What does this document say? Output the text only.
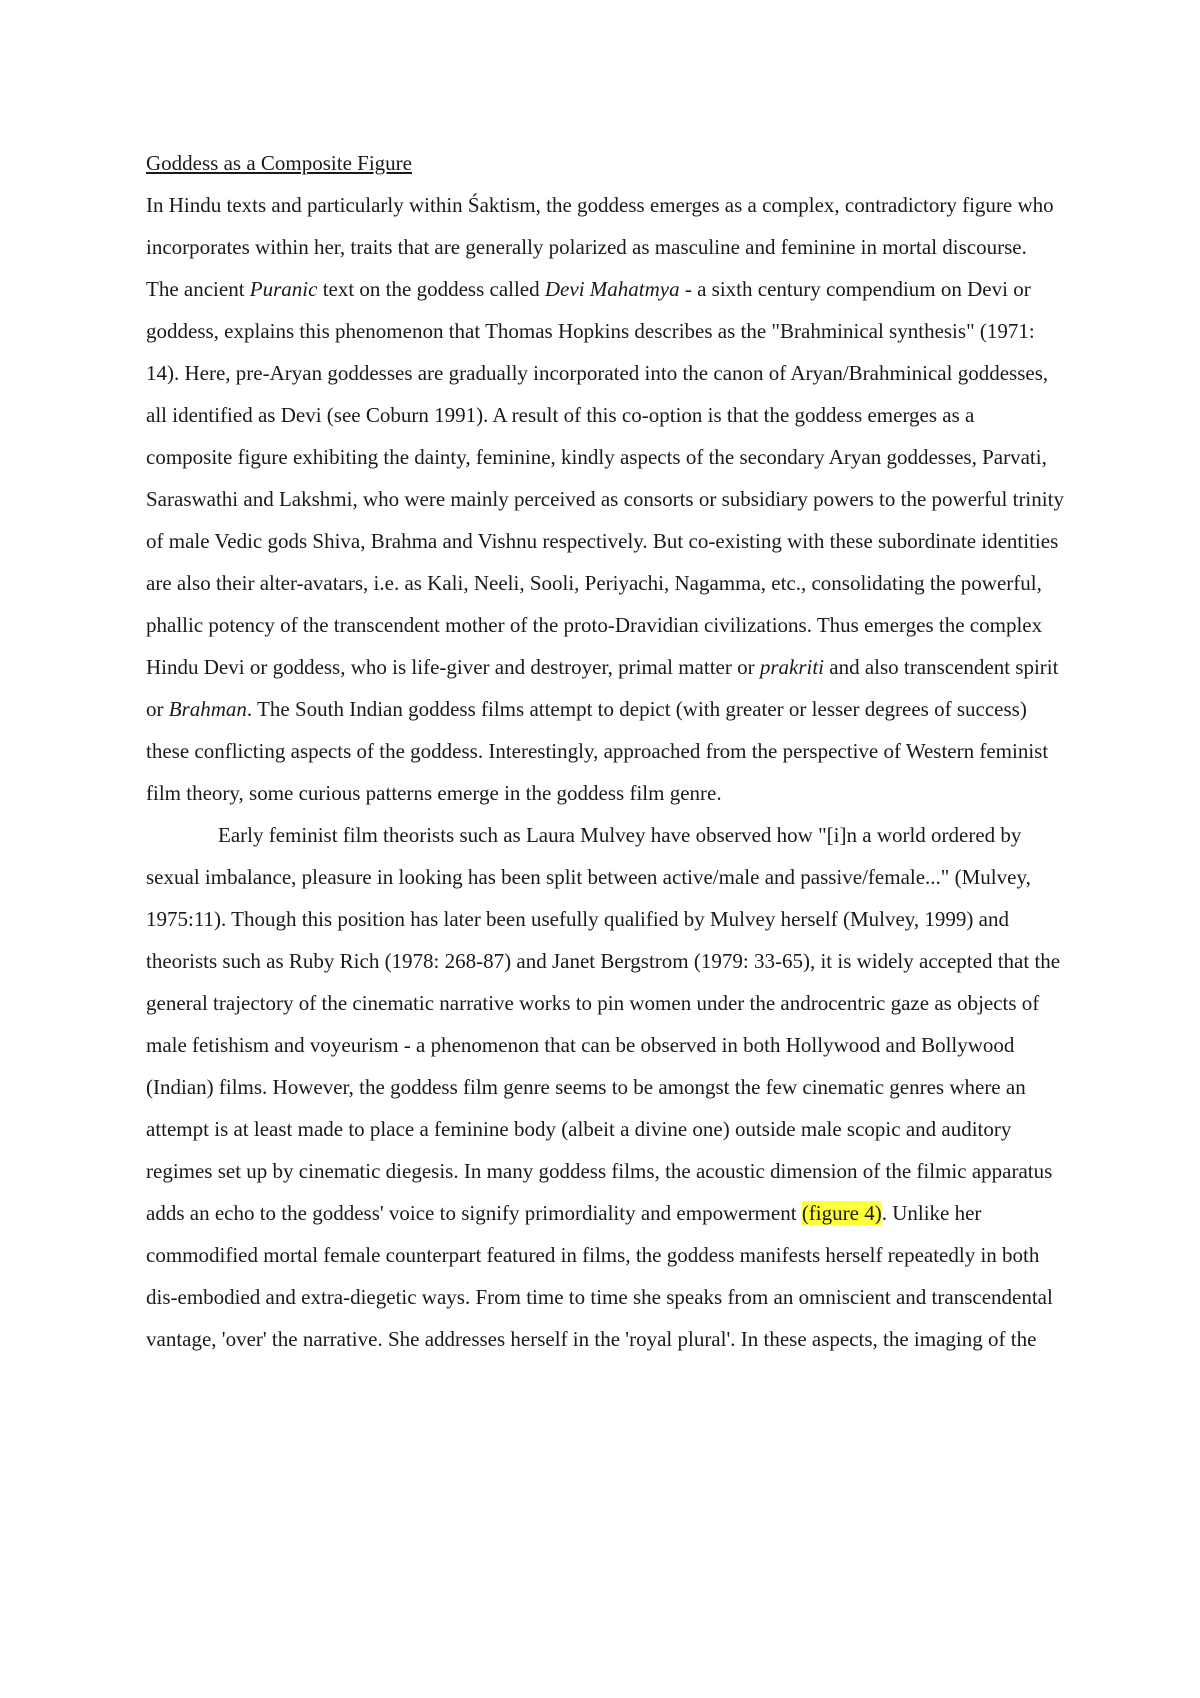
Goddess as a Composite Figure

In Hindu texts and particularly within Śaktism, the goddess emerges as a complex, contradictory figure who incorporates within her, traits that are generally polarized as masculine and feminine in mortal discourse. The ancient Puranic text on the goddess called Devi Mahatmya - a sixth century compendium on Devi or goddess, explains this phenomenon that Thomas Hopkins describes as the "Brahminical synthesis" (1971: 14). Here, pre-Aryan goddesses are gradually incorporated into the canon of Aryan/Brahminical goddesses, all identified as Devi (see Coburn 1991). A result of this co-option is that the goddess emerges as a composite figure exhibiting the dainty, feminine, kindly aspects of the secondary Aryan goddesses, Parvati, Saraswathi and Lakshmi, who were mainly perceived as consorts or subsidiary powers to the powerful trinity of male Vedic gods Shiva, Brahma and Vishnu respectively. But co-existing with these subordinate identities are also their alter-avatars, i.e. as Kali, Neeli, Sooli, Periyachi, Nagamma, etc., consolidating the powerful, phallic potency of the transcendent mother of the proto-Dravidian civilizations. Thus emerges the complex Hindu Devi or goddess, who is life-giver and destroyer, primal matter or prakriti and also transcendent spirit or Brahman. The South Indian goddess films attempt to depict (with greater or lesser degrees of success) these conflicting aspects of the goddess. Interestingly, approached from the perspective of Western feminist film theory, some curious patterns emerge in the goddess film genre.

Early feminist film theorists such as Laura Mulvey have observed how "[i]n a world ordered by sexual imbalance, pleasure in looking has been split between active/male and passive/female..." (Mulvey, 1975:11). Though this position has later been usefully qualified by Mulvey herself (Mulvey, 1999) and theorists such as Ruby Rich (1978: 268-87) and Janet Bergstrom (1979: 33-65), it is widely accepted that the general trajectory of the cinematic narrative works to pin women under the androcentric gaze as objects of male fetishism and voyeurism - a phenomenon that can be observed in both Hollywood and Bollywood (Indian) films. However, the goddess film genre seems to be amongst the few cinematic genres where an attempt is at least made to place a feminine body (albeit a divine one) outside male scopic and auditory regimes set up by cinematic diegesis. In many goddess films, the acoustic dimension of the filmic apparatus adds an echo to the goddess' voice to signify primordiality and empowerment (figure 4). Unlike her commodified mortal female counterpart featured in films, the goddess manifests herself repeatedly in both dis-embodied and extra-diegetic ways. From time to time she speaks from an omniscient and transcendental vantage, 'over' the narrative. She addresses herself in the 'royal plural'. In these aspects, the imaging of the
